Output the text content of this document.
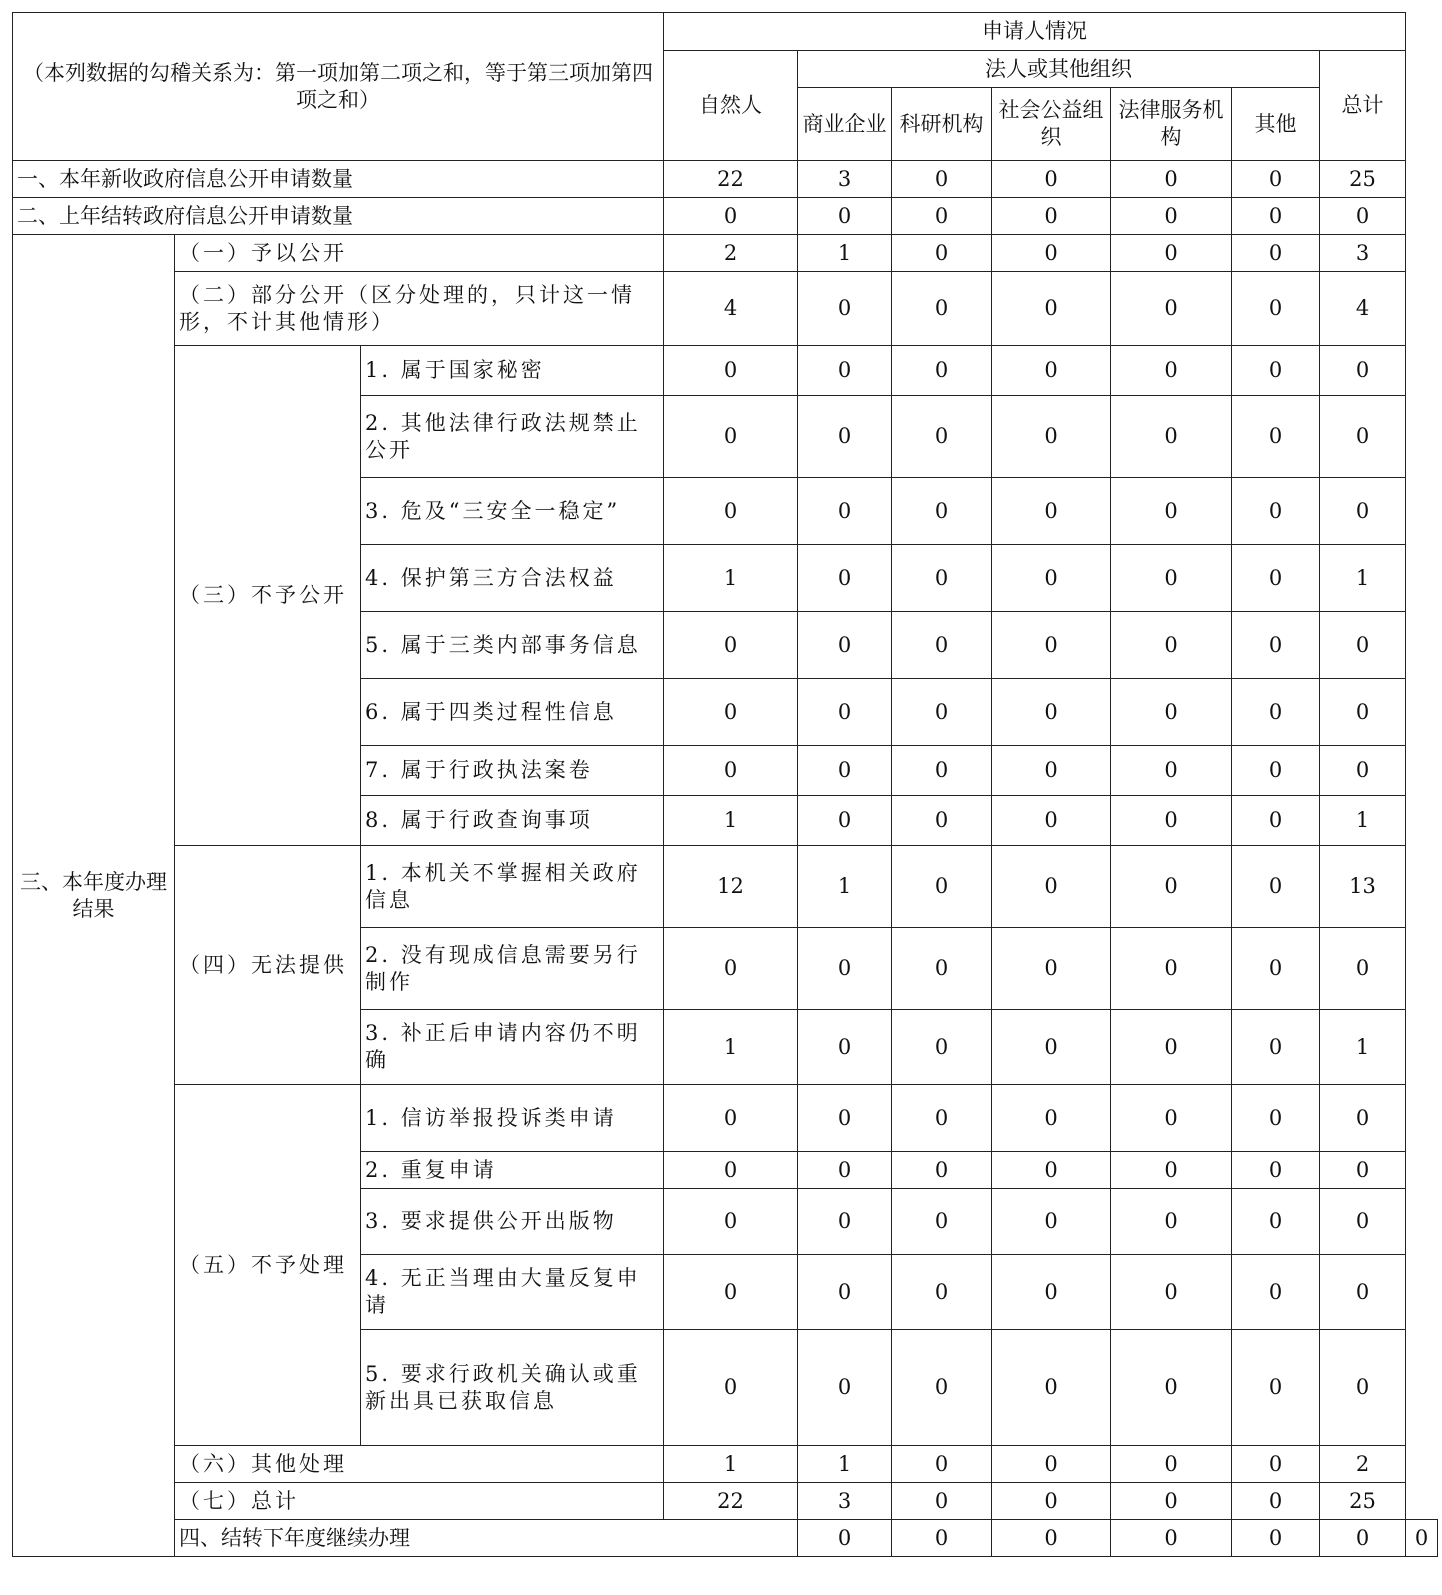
（本列数据的勾稽关系为：第一项加第二项之和，等于第三项加第四项之和）			申请人情况							
			自然人	法人或其他组织					总计	
				商业企业	科研机构	社会公益组织	法律服务机构	其他		
一、本年新收政府信息公开申请数量			22	3	0	0	0	0	25	
二、上年结转政府信息公开申请数量			0	0	0	0	0	0	0	
三、本年度办理结果	（一）予以公开		2	1	0	0	0	0	3	
	（二）部分公开（区分处理的，只计这一情形，不计其他情形）		4	0	0	0	0	0	4	
	（三）不予公开	1. 属于国家秘密	0	0	0	0	0	0	0	
		2. 其他法律行政法规禁止公开	0	0	0	0	0	0	0	
		3. 危及“三安全一稳定”	0	0	0	0	0	0	0	
		4. 保护第三方合法权益	1	0	0	0	0	0	1	
		5. 属于三类内部事务信息	0	0	0	0	0	0	0	
		6. 属于四类过程性信息	0	0	0	0	0	0	0	
		7. 属于行政执法案卷	0	0	0	0	0	0	0	
		8. 属于行政查询事项	1	0	0	0	0	0	1	
	（四）无法提供	1. 本机关不掌握相关政府信息	12	1	0	0	0	0	13	
		2. 没有现成信息需要另行制作	0	0	0	0	0	0	0	
		3. 补正后申请内容仍不明确	1	0	0	0	0	0	1	
	（五）不予处理	1. 信访举报投诉类申请	0	0	0	0	0	0	0	
		2. 重复申请	0	0	0	0	0	0	0	
		3. 要求提供公开出版物	0	0	0	0	0	0	0	
		4. 无正当理由大量反复申请	0	0	0	0	0	0	0	
		5. 要求行政机关确认或重新出具已获取信息	0	0	0	0	0	0	0	
	（六）其他处理		1	1	0	0	0	0	2	
	（七）总计		22	3	0	0	0	0	25	
	四、结转下年度继续办理			0	0	0	0	0	0	0
